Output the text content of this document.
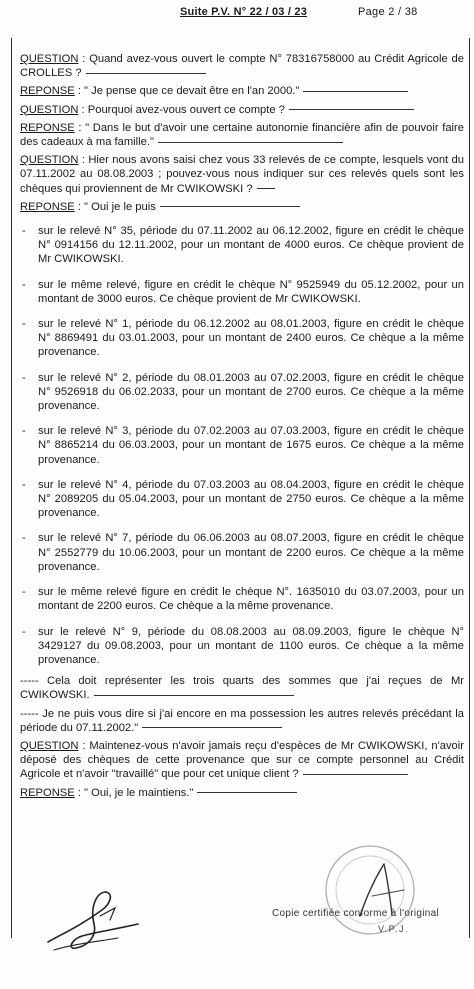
Suite P.V. N° 22 / 03 / 23	Page 2 / 38

QUESTION : Quand avez-vous ouvert le compte N° 78316758000 au Crédit Agricole de CROLLES ?

REPONSE : " Je pense que ce devait être en l'an 2000."

QUESTION : Pourquoi avez-vous ouvert ce compte ?

REPONSE : " Dans le but d'avoir une certaine autonomie financière afin de pouvoir faire des cadeaux à ma famille."

QUESTION : Hier nous avons saisi chez vous 33 relevés de ce compte, lesquels vont du 07.11.2002 au 08.08.2003 ; pouvez-vous nous indiquer sur ces relevés quels sont les chèques qui proviennent de Mr CWIKOWSKI ?

REPONSE : " Oui je le puis

- sur le relevé N° 35, période du 07.11.2002 au 06.12.2002, figure en crédit le chèque N° 0914156 du 12.11.2002, pour un montant de 4000 euros. Ce chèque provient de Mr CWIKOWSKI.
- sur le même relevé, figure en crédit le chèque N° 9525949 du 05.12.2002, pour un montant de 3000 euros. Ce chèque provient de Mr CWIKOWSKI.
- sur le relevé N° 1, période du 06.12.2002 au 08.01.2003, figure en crédit le chèque N° 8869491 du 03.01.2003, pour un montant de 2400 euros. Ce chèque a la même provenance.
- sur le relevé N° 2, période du 08.01.2003 au 07.02.2003, figure en crédit le chèque N° 9526918 du 06.02.2033, pour un montant de 2700 euros. Ce chèque a la même provenance.
- sur le relevé N° 3, période du 07.02.2003 au 07.03.2003, figure en crédit le chèque N° 8865214 du 06.03.2003, pour un montant de 1675 euros. Ce chèque a la même provenance.
- sur le relevé N° 4, période du 07.03.2003 au 08.04.2003, figure en crédit le chèque N° 2089205 du 05.04.2003, pour un montant de 2750 euros. Ce chèque a la même provenance.
- sur le relevé N° 7, période du 06.06.2003 au 08.07.2003, figure en crédit le chèque N° 2552779 du 10.06.2003, pour un montant de 2200 euros. Ce chèque a la même provenance.
- sur le même relevé figure en crédit le chèque N°. 1635010 du 03.07.2003, pour un montant de 2200 euros. Ce chèque a la même provenance.
- sur le relevé N° 9, période du 08.08.2003 au 08.09.2003, figure le chèque N° 3429127 du 09.08.2003, pour un montant de 1100 euros. Ce chèque a la même provenance.

----- Cela doit représenter les trois quarts des sommes que j'ai reçues de Mr CWIKOWSKI.

----- Je ne puis vous dire si j'ai encore en ma possession les autres relevés précédant la période du 07.11.2002."

QUESTION : Maintenez-vous n'avoir jamais reçu d'espèces de Mr CWIKOWSKI, n'avoir déposé des chèques de cette provenance que sur ce compte personnel au Crédit Agricole et n'avoir "travaillé" que pour cet unique client ?

REPONSE : " Oui, je le maintiens."

Copie certifiée conforme à l'original
V.P.J.
